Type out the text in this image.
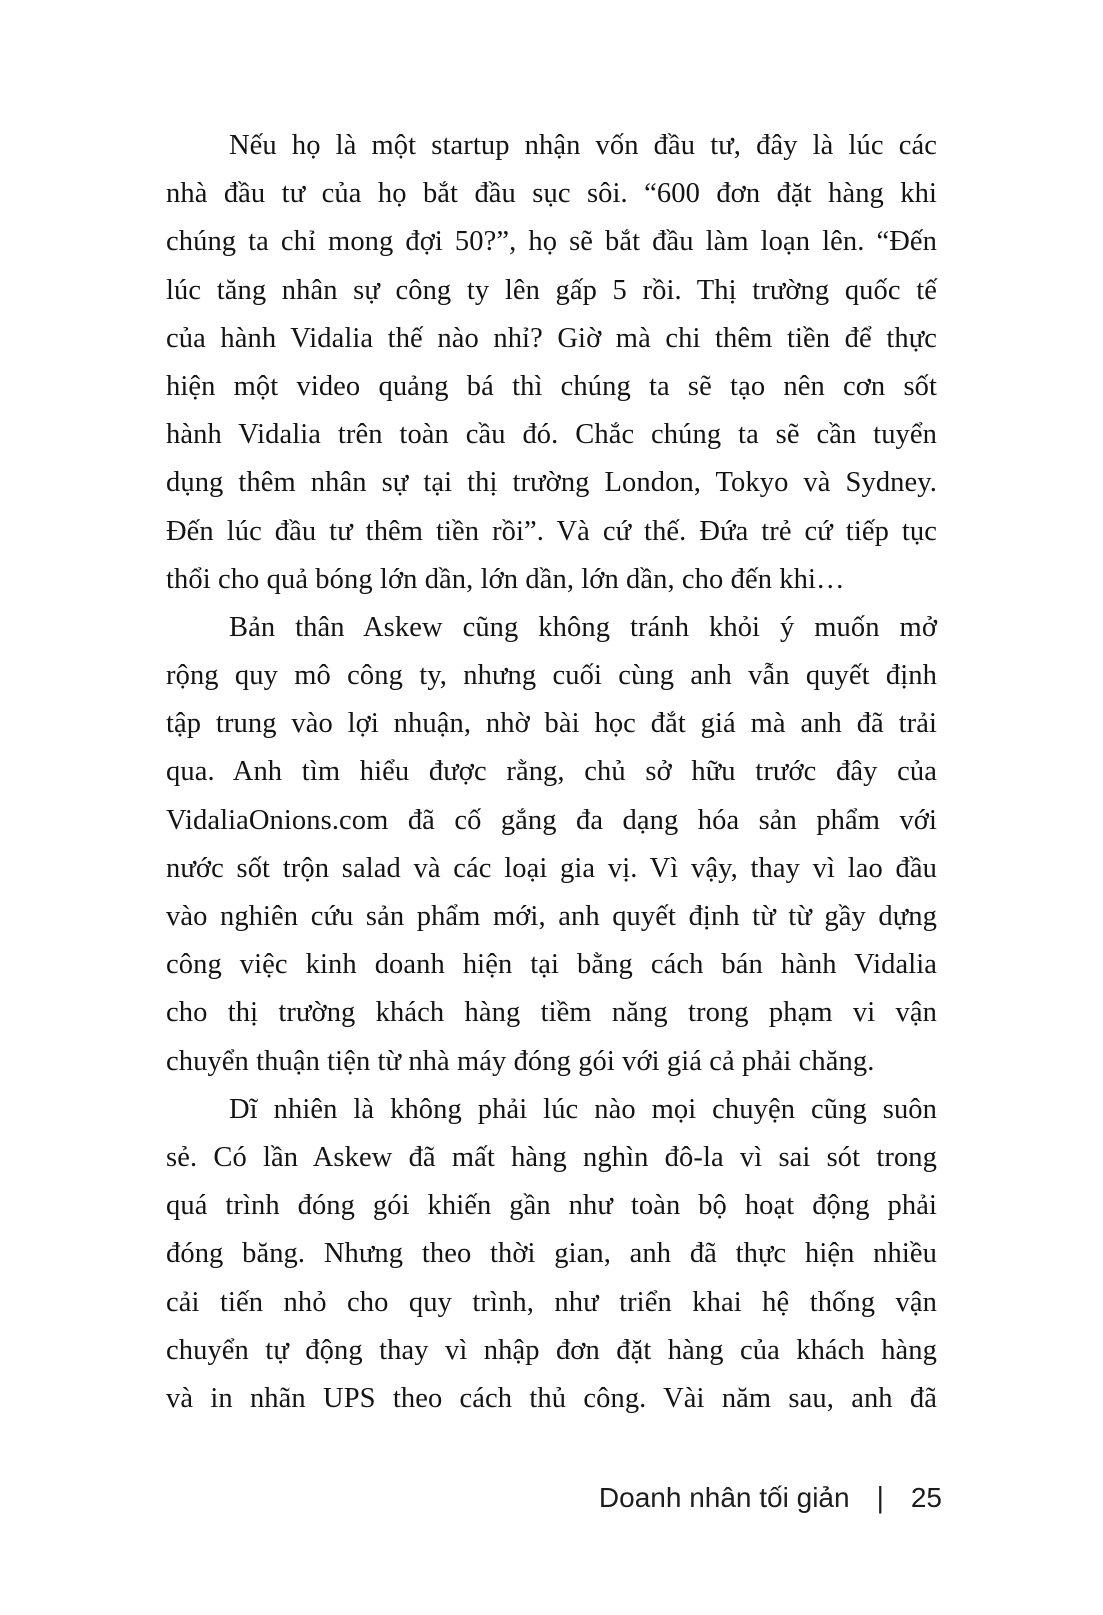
Nếu họ là một startup nhận vốn đầu tư, đây là lúc các
nhà đầu tư của họ bắt đầu sục sôi. “600 đơn đặt hàng khi
chúng ta chỉ mong đợi 50?”, họ sẽ bắt đầu làm loạn lên. “Đến
lúc tăng nhân sự công ty lên gấp 5 rồi. Thị trường quốc tế
của hành Vidalia thế nào nhỉ? Giờ mà chi thêm tiền để thực
hiện một video quảng bá thì chúng ta sẽ tạo nên cơn sốt
hành Vidalia trên toàn cầu đó. Chắc chúng ta sẽ cần tuyển
dụng thêm nhân sự tại thị trường London, Tokyo và Sydney.
Đến lúc đầu tư thêm tiền rồi”. Và cứ thế. Đứa trẻ cứ tiếp tục
thổi cho quả bóng lớn dần, lớn dần, lớn dần, cho đến khi…
Bản thân Askew cũng không tránh khỏi ý muốn mở
rộng quy mô công ty, nhưng cuối cùng anh vẫn quyết định
tập trung vào lợi nhuận, nhờ bài học đắt giá mà anh đã trải
qua. Anh tìm hiểu được rằng, chủ sở hữu trước đây của
VidaliaOnions.com đã cố gắng đa dạng hóa sản phẩm với
nước sốt trộn salad và các loại gia vị. Vì vậy, thay vì lao đầu
vào nghiên cứu sản phẩm mới, anh quyết định từ từ gầy dựng
công việc kinh doanh hiện tại bằng cách bán hành Vidalia
cho thị trường khách hàng tiềm năng trong phạm vi vận
chuyển thuận tiện từ nhà máy đóng gói với giá cả phải chăng.
Dĩ nhiên là không phải lúc nào mọi chuyện cũng suôn
sẻ. Có lần Askew đã mất hàng nghìn đô-la vì sai sót trong
quá trình đóng gói khiến gần như toàn bộ hoạt động phải
đóng băng. Nhưng theo thời gian, anh đã thực hiện nhiều
cải tiến nhỏ cho quy trình, như triển khai hệ thống vận
chuyển tự động thay vì nhập đơn đặt hàng của khách hàng
và in nhãn UPS theo cách thủ công. Vài năm sau, anh đã
Doanh nhân tối giản | 25
